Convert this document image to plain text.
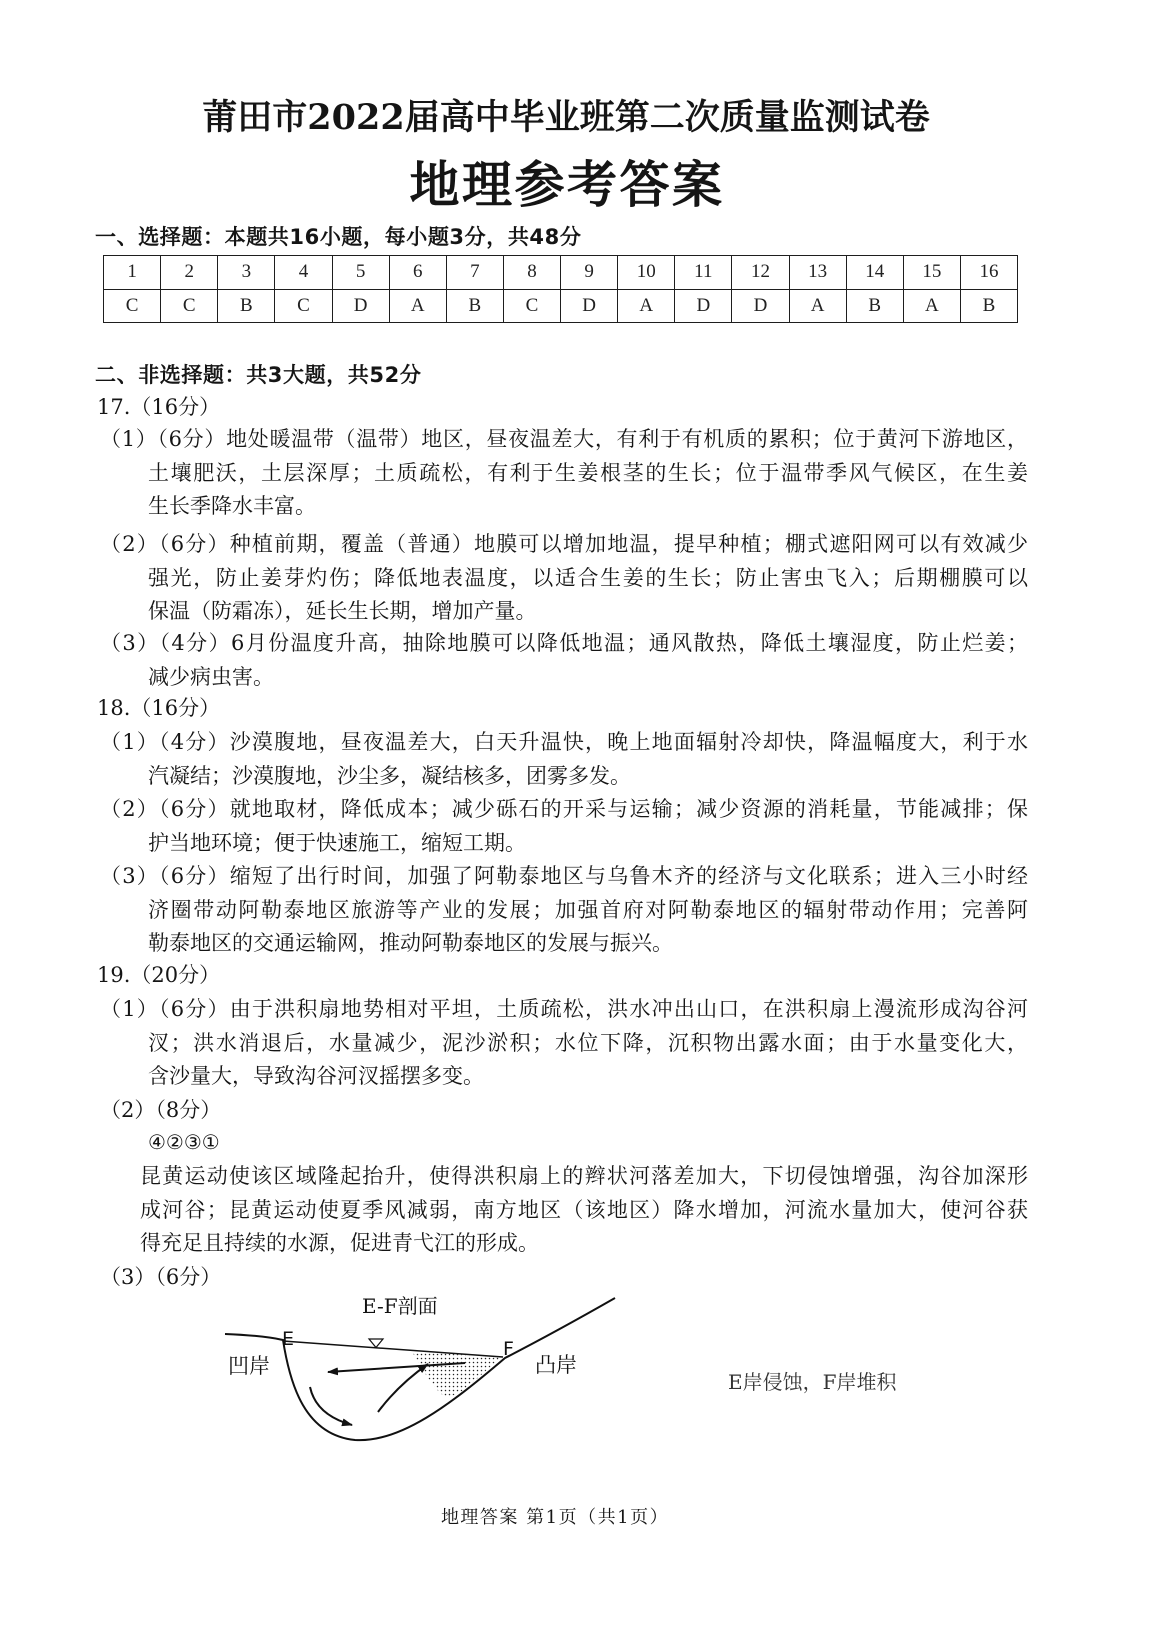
莆田市2022届高中毕业班第二次质量监测试卷
地理参考答案
一、选择题：本题共16小题，每小题3分，共48分
1	2	3	4	5	6	7	8	9	10	11	12	13	14	15	16
C	C	B	C	D	A	B	C	D	A	D	D	A	B	A	B
二、非选择题：共3大题，共52分
17.（16分）
（1）（6分）地处暖温带（温带）地区，昼夜温差大，有利于有机质的累积；位于黄河下游地区，
土壤肥沃，土层深厚；土质疏松，有利于生姜根茎的生长；位于温带季风气候区，在生姜
生长季降水丰富。
（2）（6分）种植前期，覆盖（普通）地膜可以增加地温，提早种植；棚式遮阳网可以有效减少
强光，防止姜芽灼伤；降低地表温度，以适合生姜的生长；防止害虫飞入；后期棚膜可以
保温（防霜冻），延长生长期，增加产量。
（3）（4分）6月份温度升高，抽除地膜可以降低地温；通风散热，降低土壤湿度，防止烂姜；
减少病虫害。
18.（16分）
（1）（4分）沙漠腹地，昼夜温差大，白天升温快，晚上地面辐射冷却快，降温幅度大，利于水
汽凝结；沙漠腹地，沙尘多，凝结核多，团雾多发。
（2）（6分）就地取材，降低成本；减少砾石的开采与运输；减少资源的消耗量，节能减排；保
护当地环境；便于快速施工，缩短工期。
（3）（6分）缩短了出行时间，加强了阿勒泰地区与乌鲁木齐的经济与文化联系；进入三小时经
济圈带动阿勒泰地区旅游等产业的发展；加强首府对阿勒泰地区的辐射带动作用；完善阿
勒泰地区的交通运输网，推动阿勒泰地区的发展与振兴。
19.（20分）
（1）（6分）由于洪积扇地势相对平坦，土质疏松，洪水冲出山口，在洪积扇上漫流形成沟谷河
汊；洪水消退后，水量减少，泥沙淤积；水位下降，沉积物出露水面；由于水量变化大，
含沙量大，导致沟谷河汊摇摆多变。
（2）（8分）
④②③①
昆黄运动使该区域隆起抬升，使得洪积扇上的辫状河落差加大，下切侵蚀增强，沟谷加深形
成河谷；昆黄运动使夏季风减弱，南方地区（该地区）降水增加，河流水量加大，使河谷获
得充足且持续的水源，促进青弋江的形成。
（3）（6分）
E-F剖面
凹岸
E	F
凸岸
E岸侵蚀，F岸堆积
地理答案 第1页（共1页）
